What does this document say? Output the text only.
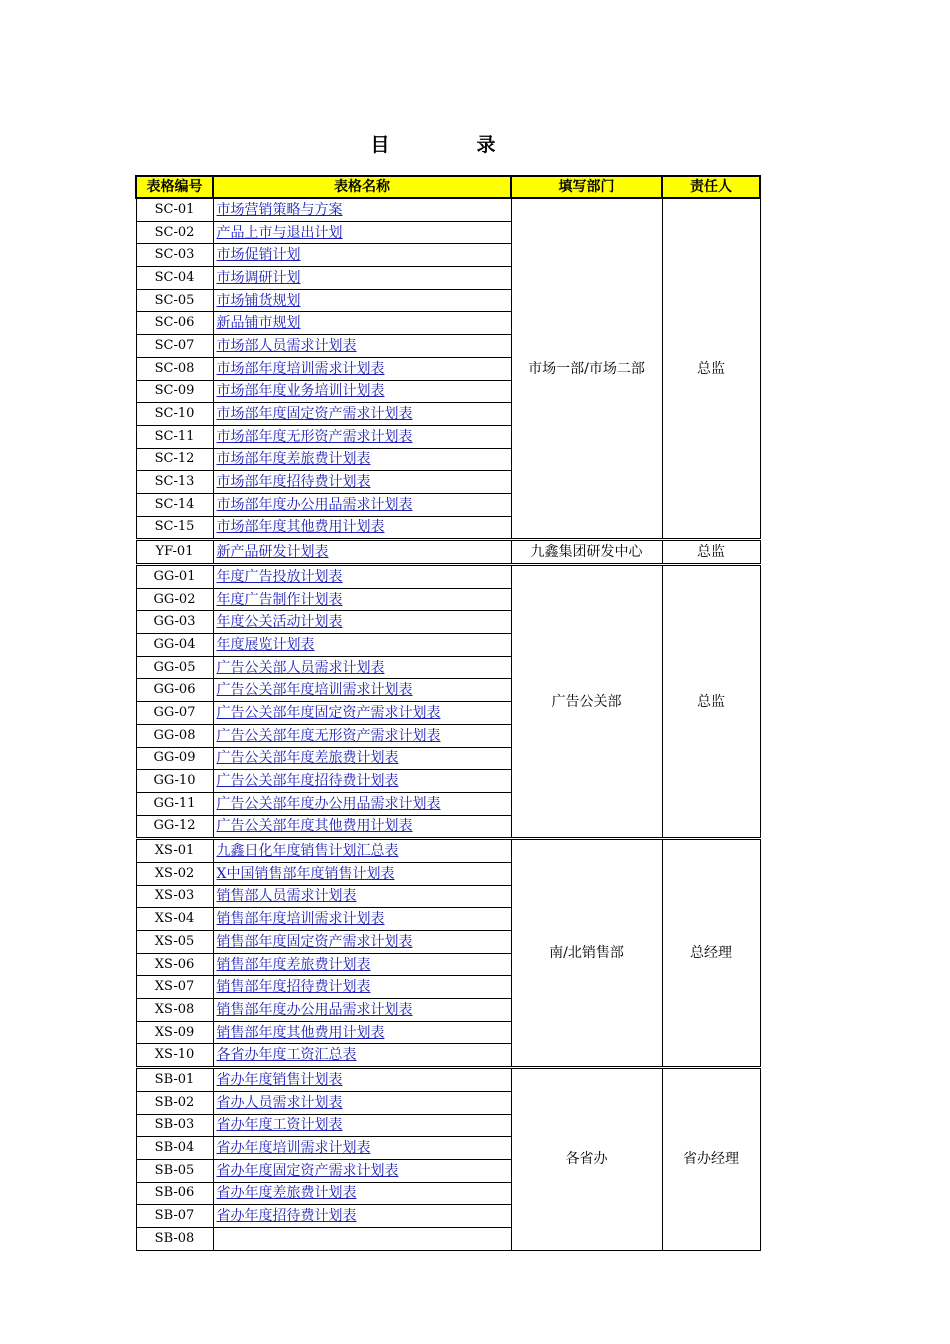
目　录
表格编号	表格名称	填写部门	责任人
SC-01	市场营销策略与方案	市场一部/市场二部	总监
SC-02	产品上市与退出计划		
SC-03	市场促销计划		
SC-04	市场调研计划		
SC-05	市场铺货规划		
SC-06	新品铺市规划		
SC-07	市场部人员需求计划表		
SC-08	市场部年度培训需求计划表		
SC-09	市场部年度业务培训计划表		
SC-10	市场部年度固定资产需求计划表		
SC-11	市场部年度无形资产需求计划表		
SC-12	市场部年度差旅费计划表		
SC-13	市场部年度招待费计划表		
SC-14	市场部年度办公用品需求计划表		
SC-15	市场部年度其他费用计划表		
YF-01	新产品研发计划表	九鑫集团研发中心	总监
GG-01	年度广告投放计划表	广告公关部	总监
GG-02	年度广告制作计划表		
GG-03	年度公关活动计划表		
GG-04	年度展览计划表		
GG-05	广告公关部人员需求计划表		
GG-06	广告公关部年度培训需求计划表		
GG-07	广告公关部年度固定资产需求计划表		
GG-08	广告公关部年度无形资产需求计划表		
GG-09	广告公关部年度差旅费计划表		
GG-10	广告公关部年度招待费计划表		
GG-11	广告公关部年度办公用品需求计划表		
GG-12	广告公关部年度其他费用计划表		
XS-01	九鑫日化年度销售计划汇总表	南/北销售部	总经理
XS-02	X中国销售部年度销售计划表		
XS-03	销售部人员需求计划表		
XS-04	销售部年度培训需求计划表		
XS-05	销售部年度固定资产需求计划表		
XS-06	销售部年度差旅费计划表		
XS-07	销售部年度招待费计划表		
XS-08	销售部年度办公用品需求计划表		
XS-09	销售部年度其他费用计划表		
XS-10	各省办年度工资汇总表		
SB-01	省办年度销售计划表	各省办	省办经理
SB-02	省办人员需求计划表		
SB-03	省办年度工资计划表		
SB-04	省办年度培训需求计划表		
SB-05	省办年度固定资产需求计划表		
SB-06	省办年度差旅费计划表		
SB-07	省办年度招待费计划表		
SB-08			
